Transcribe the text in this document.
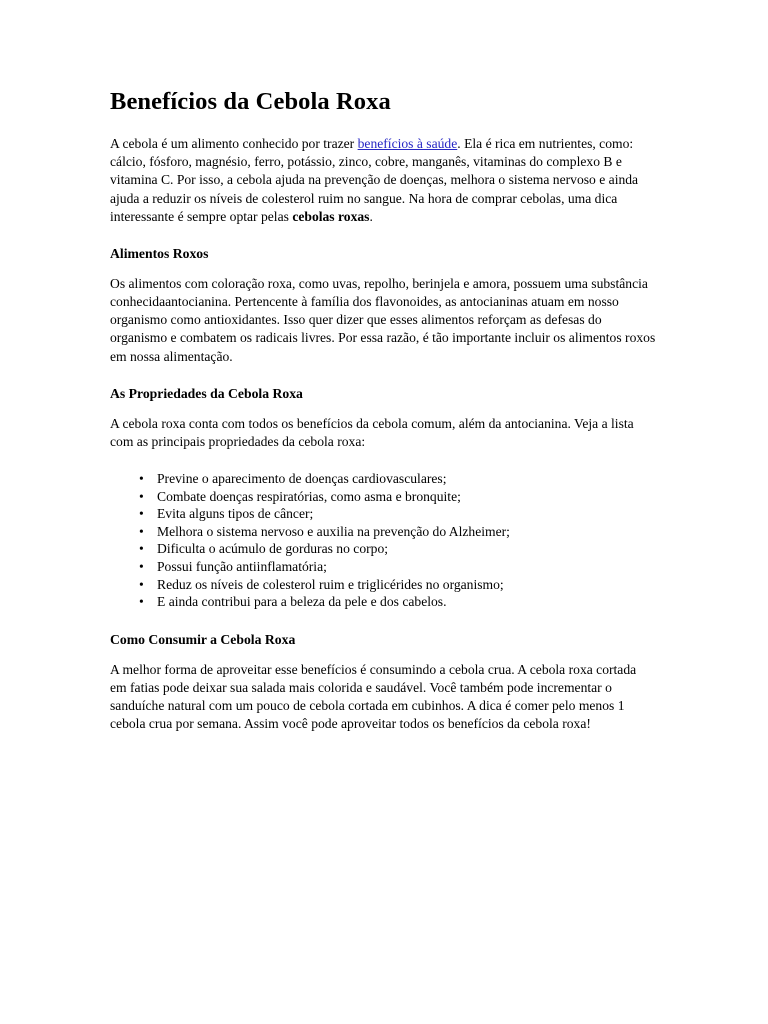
Benefícios da Cebola Roxa

A cebola é um alimento conhecido por trazer benefícios à saúde. Ela é rica em nutrientes, como: cálcio, fósforo, magnésio, ferro, potássio, zinco, cobre, manganês, vitaminas do complexo B e vitamina C. Por isso, a cebola ajuda na prevenção de doenças, melhora o sistema nervoso e ainda ajuda a reduzir os níveis de colesterol ruim no sangue. Na hora de comprar cebolas, uma dica interessante é sempre optar pelas cebolas roxas.

Alimentos Roxos

Os alimentos com coloração roxa, como uvas, repolho, berinjela e amora, possuem uma substância conhecidaantocianina. Pertencente à família dos flavonoides, as antocianinas atuam em nosso organismo como antioxidantes. Isso quer dizer que esses alimentos reforçam as defesas do organismo e combatem os radicais livres. Por essa razão, é tão importante incluir os alimentos roxos em nossa alimentação.

As Propriedades da Cebola Roxa

A cebola roxa conta com todos os benefícios da cebola comum, além da antocianina. Veja a lista com as principais propriedades da cebola roxa:

• Previne o aparecimento de doenças cardiovasculares;
• Combate doenças respiratórias, como asma e bronquite;
• Evita alguns tipos de câncer;
• Melhora o sistema nervoso e auxilia na prevenção do Alzheimer;
• Dificulta o acúmulo de gorduras no corpo;
• Possui função antiinflamatória;
• Reduz os níveis de colesterol ruim e triglicérides no organismo;
• E ainda contribui para a beleza da pele e dos cabelos.
Como Consumir a Cebola Roxa

A melhor forma de aproveitar esse benefícios é consumindo a cebola crua. A cebola roxa cortada em fatias pode deixar sua salada mais colorida e saudável. Você também pode incrementar o sanduíche natural com um pouco de cebola cortada em cubinhos. A dica é comer pelo menos 1 cebola crua por semana. Assim você pode aproveitar todos os benefícios da cebola roxa!
